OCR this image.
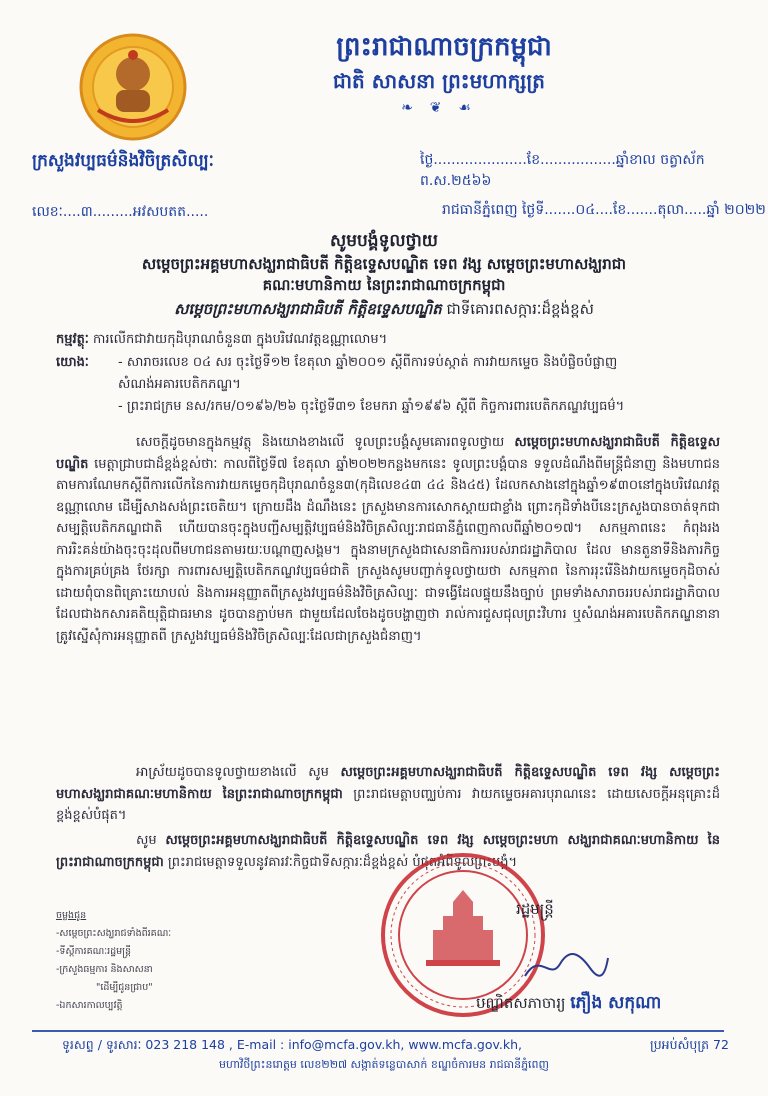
ព្រះរាជាណាចក្រកម្ពុជា
ជាតិ សាសនា ព្រះមហាក្សត្រ
❧ ❦ ☙
ក្រសួងវប្បធម៌និងវិចិត្រសិល្បៈ	ថ្ងៃ.....................ខែ.................ឆ្នាំខាល ចត្វាស័ក ព.ស.២៥៦៦
លេខៈ....៣.........អវសបតត.....	រាជធានីភ្នំពេញ ថ្ងៃទី.......០៤....ខែ.......តុលា.....ឆ្នាំ ២០២២
សូមបង្គំទូលថ្វាយ
សម្តេចព្រះអគ្គមហាសង្ឃរាជាធិបតី កិត្តិឧទ្ទេសបណ្ឌិត ទេព វង្ស សម្តេចព្រះមហាសង្ឃរាជា
គណៈមហានិកាយ នៃព្រះរាជាណាចក្រកម្ពុជា
សម្តេចព្រះមហាសង្ឃរាជាធិបតី កិត្តិឧទ្ទេសបណ្ឌិត ជាទីគោរពសក្ការៈដ៏ខ្ពង់ខ្ពស់
កម្មវត្ថុៈ ការលើកជាវាយកុដិបុរាណចំនួន៣ ក្នុងបរិវេណវត្តឧណ្ណាលោម។
យោងៈ	- សារាចរលេខ ០៤ សរ ចុះថ្ងៃទី១២ ខែតុលា ឆ្នាំ២០០១ ស្តីពីការទប់ស្កាត់ ការវាយកម្ទេច និងបំផ្លិចបំផ្លាញ
សំណង់អគារបេតិកភណ្ឌ។
- ព្រះរាជក្រម នស/រកម/០១៩៦/២៦ ចុះថ្ងៃទី៣១ ខែមករា ឆ្នាំ១៩៩៦ ស្តីពី កិច្ចការពារបេតិកភណ្ឌវប្បធម៌។
សេចក្តីដូចមានក្នុងកម្មវត្ថុ និងយោងខាងលើ ទូលព្រះបង្គំសូមគោរពទូលថ្វាយ សម្តេចព្រះមហាសង្ឃរាជាធិបតី កិត្តិឧទ្ទេសបណ្ឌិត មេត្តាជ្រាបជាដ៏ខ្ពង់ខ្ពស់ថាៈ កាលពីថ្ងៃទី៧ ខែតុលា ឆ្នាំ២០២២កន្លងមកនេះ ទូលព្រះបង្គំបាន ទទួលដំណឹងពីមន្ត្រីជំនាញ និងមហាជនតាមការណែមកស្តីពីការលើកនៃការវាយកម្ទេចកុដិបុរាណចំនួន៣(កុដិលេខ៤៣ ៤៤ និង៤៥) ដែលកសាងនៅក្នុងឆ្នាំ១៩៣០នៅក្នុងបរិវេណវត្តឧណ្ណាលោម ដើម្បីសាងសង់ព្រះចេតិយ។ ក្រោយដឹង ដំណឹងនេះ ក្រសួងមានការសោកស្តាយជាខ្លាំង ព្រោះកុដិទាំងបីនេះក្រសួងបានចាត់ទុកជាសម្បត្តិបេតិកភណ្ឌជាតិ ហើយបានចុះក្នុងបញ្ជីសម្បត្តិវប្បធម៌និងវិចិត្រសិល្បៈរាជធានីភ្នំពេញកាលពីឆ្នាំ២០១៧។ សកម្មភាពនេះ កំពុងរង ការរិះគន់យ៉ាងចុះចុះដុលពីមហាជនតាមរយៈបណ្តាញសង្គម។ ក្នុងនាមក្រសួងជាសេនាធិការរបស់រាជរដ្ឋាភិបាល ដែល មានតួនាទីនិងភារកិច្ចក្នុងការគ្រប់គ្រង ថែរក្សា ការពារសម្បត្តិបេតិកភណ្ឌវប្បធម៌ជាតិ ក្រសួងសូមបញ្ជាក់ទូលថ្វាយថា សកម្មភាព នៃការរុះរើនិងវាយកម្ទេចកុដិចាស់ដោយពុំបានពិគ្រោះយោបល់ និងការអនុញ្ញាតពីក្រសួងវប្បធម៌និងវិចិត្រសិល្បៈ ជាទង្វើដែលផ្ទុយនឹងច្បាប់ ព្រមទាំងសារាចររបស់រាជរដ្ឋាភិបាលដែលជាងកសារគតិយុត្តិជាធរមាន ដូចបានភ្ជាប់មក ជាមួយដែលចែងដូចបង្ហាញថា រាល់ការជួសជុលព្រះវិហារ ឬសំណង់អគារបេតិកភណ្ឌនានាត្រូវស្នើសុំការអនុញ្ញាតពី ក្រសួងវប្បធម៌និងវិចិត្រសិល្បៈដែលជាក្រសួងជំនាញ។
អាស្រ័យដូចបានទូលថ្វាយខាងលើ សូម សម្តេចព្រះអគ្គមហាសង្ឃរាជាធិបតី កិត្តិឧទ្ទេសបណ្ឌិត ទេព វង្ស សម្តេចព្រះមហាសង្ឃរាជាគណៈមហានិកាយ នៃព្រះរាជាណាចក្រកម្ពុជា ព្រះរាជមេត្តាបញ្ឈប់ការ វាយកម្ទេចអគារបុរាណនេះ ដោយសេចក្តីអនុគ្រោះដ៏ខ្ពង់ខ្ពស់បំផុត។
សូម សម្តេចព្រះអគ្គមហាសង្ឃរាជាធិបតី កិត្តិឧទ្ទេសបណ្ឌិត ទេព វង្ស សម្តេចព្រះមហា សង្ឃរាជាគណៈមហានិកាយ នៃព្រះរាជាណាចក្រកម្ពុជា ព្រះរាជមេត្តាទទួលនូវគារវៈកិច្ចជាទីសក្ការៈដ៏ខ្ពង់ខ្ពស់ បំផុតអំពីទូលព្រះបង្គំ។
ចម្លងជូន
-សម្តេចព្រះសង្ឃរាជទាំងពីរគណៈ
-ទីស្តីការគណៈរដ្ឋមន្ត្រី
-ក្រសួងធម្មការ និងសាសនា
"ដើម្បីជូនជ្រាប"
-ឯកសារកាលប្បវត្តិ
រដ្ឋមន្ត្រី
បណ្ឌិតសភាចារ្យ ភឿង សកុណា
ទូរសព្ទ / ទូរសារៈ 023 218 148 , E-mail : info@mcfa.gov.kh, www.mcfa.gov.kh,	ប្រអប់សំបុត្រ 72
មហាវិថីព្រះនរោត្តម លេខ២២៧ សង្កាត់ទន្លេបាសាក់ ខណ្ឌចំការមន រាជធានីភ្នំពេញ
